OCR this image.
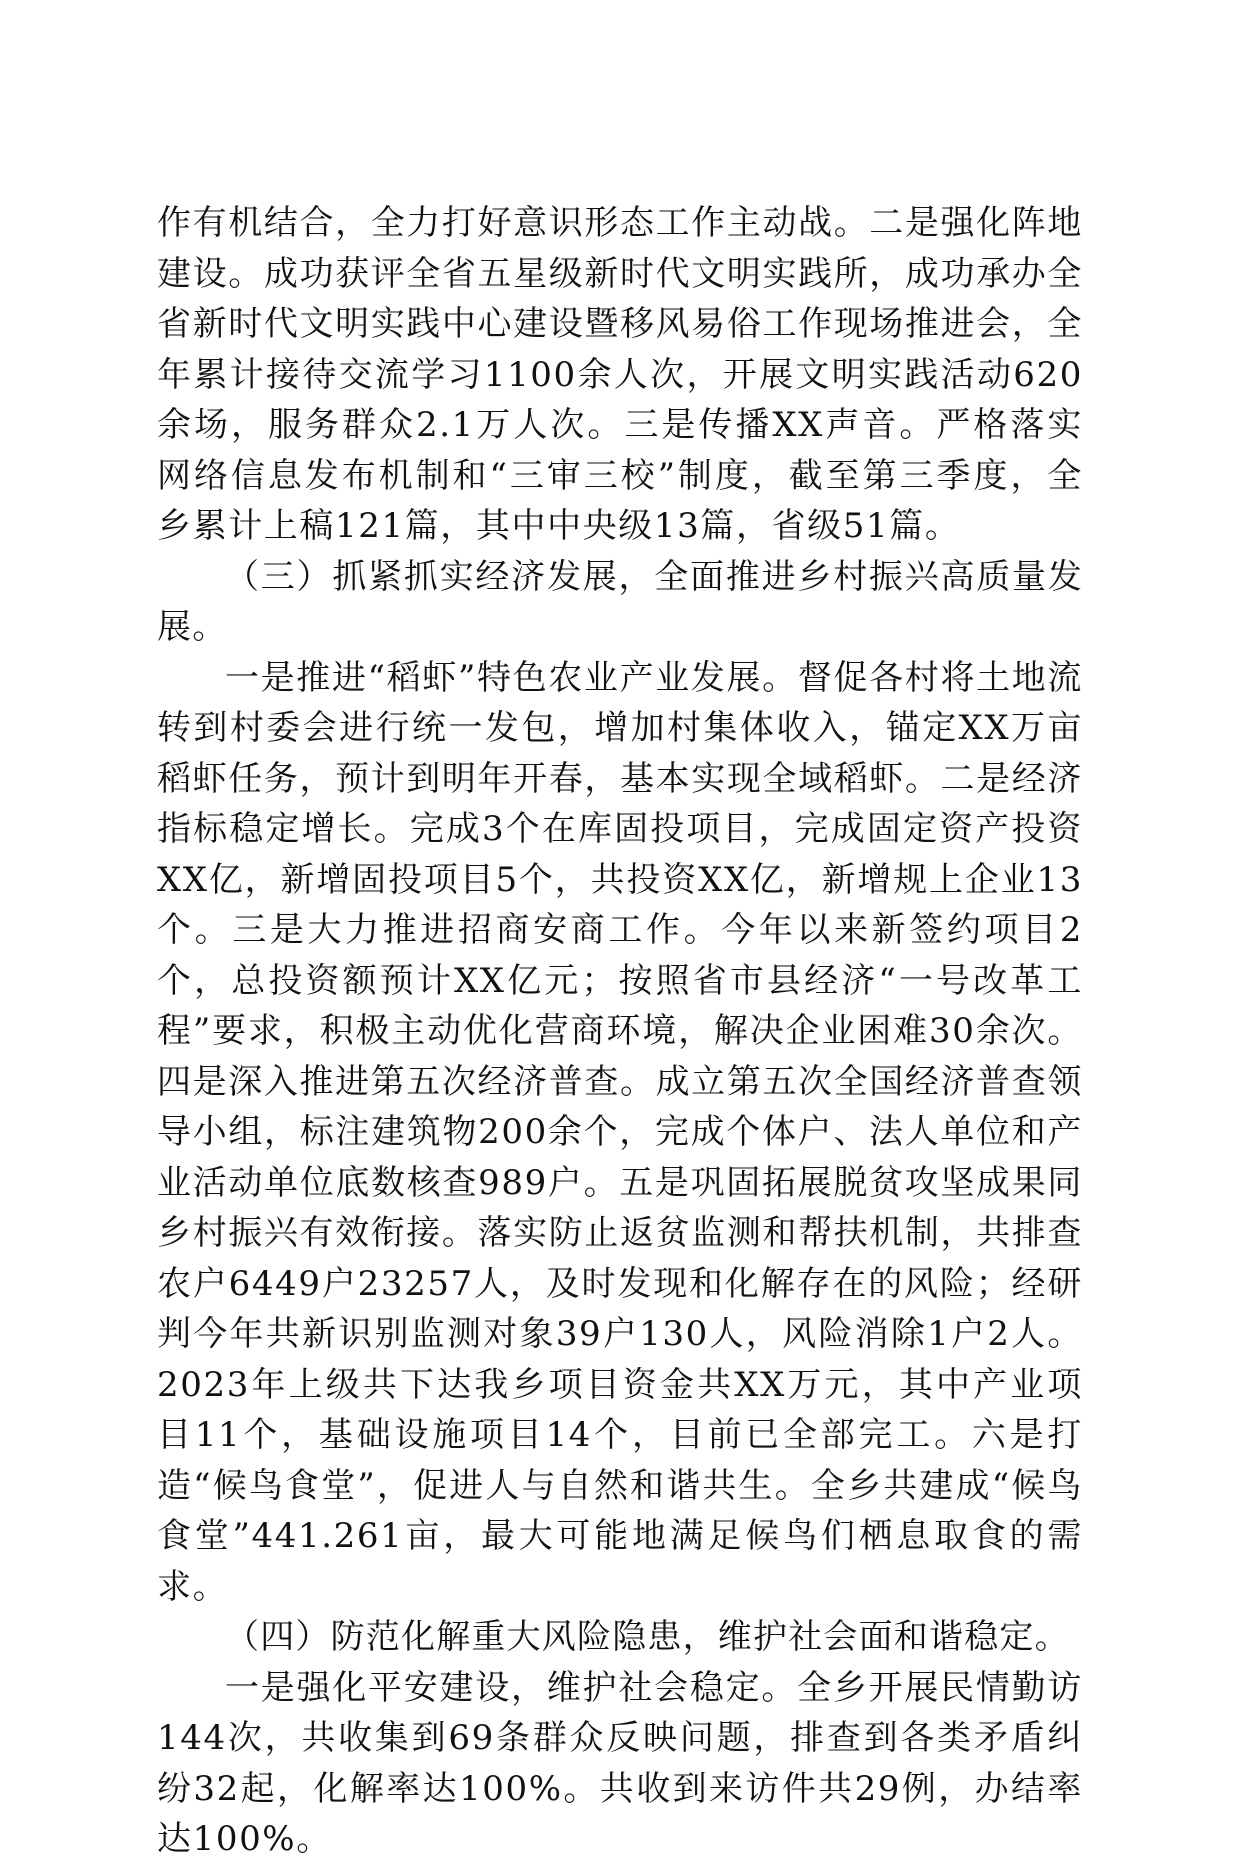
作有机结合，全力打好意识形态工作主动战。二是强化阵地建设。成功获评全省五星级新时代文明实践所，成功承办全省新时代文明实践中心建设暨移风易俗工作现场推进会，全年累计接待交流学习1100余人次，开展文明实践活动620余场，服务群众2.1万人次。三是传播XX声音。严格落实网络信息发布机制和“三审三校”制度，截至第三季度，全乡累计上稿121篇，其中中央级13篇，省级51篇。

（三）抓紧抓实经济发展，全面推进乡村振兴高质量发展。

一是推进“稻虾”特色农业产业发展。督促各村将土地流转到村委会进行统一发包，增加村集体收入，锚定XX万亩稻虾任务，预计到明年开春，基本实现全域稻虾。二是经济指标稳定增长。完成3个在库固投项目，完成固定资产投资XX亿，新增固投项目5个，共投资XX亿，新增规上企业13个。三是大力推进招商安商工作。今年以来新签约项目2个，总投资额预计XX亿元；按照省市县经济“一号改革工程”要求，积极主动优化营商环境，解决企业困难30余次。四是深入推进第五次经济普查。成立第五次全国经济普查领导小组，标注建筑物200余个，完成个体户、法人单位和产业活动单位底数核查989户。五是巩固拓展脱贫攻坚成果同乡村振兴有效衔接。落实防止返贫监测和帮扶机制，共排查农户6449户23257人，及时发现和化解存在的风险；经研判今年共新识别监测对象39户130人，风险消除1户2人。2023年上级共下达我乡项目资金共XX万元，其中产业项目11个，基础设施项目14个，目前已全部完工。六是打造“候鸟食堂”，促进人与自然和谐共生。全乡共建成“候鸟食堂”441.261亩，最大可能地满足候鸟们栖息取食的需求。

（四）防范化解重大风险隐患，维护社会面和谐稳定。

一是强化平安建设，维护社会稳定。全乡开展民情勤访144次，共收集到69条群众反映问题，排查到各类矛盾纠纷32起，化解率达100%。共收到来访件共29例，办结率达100%。
